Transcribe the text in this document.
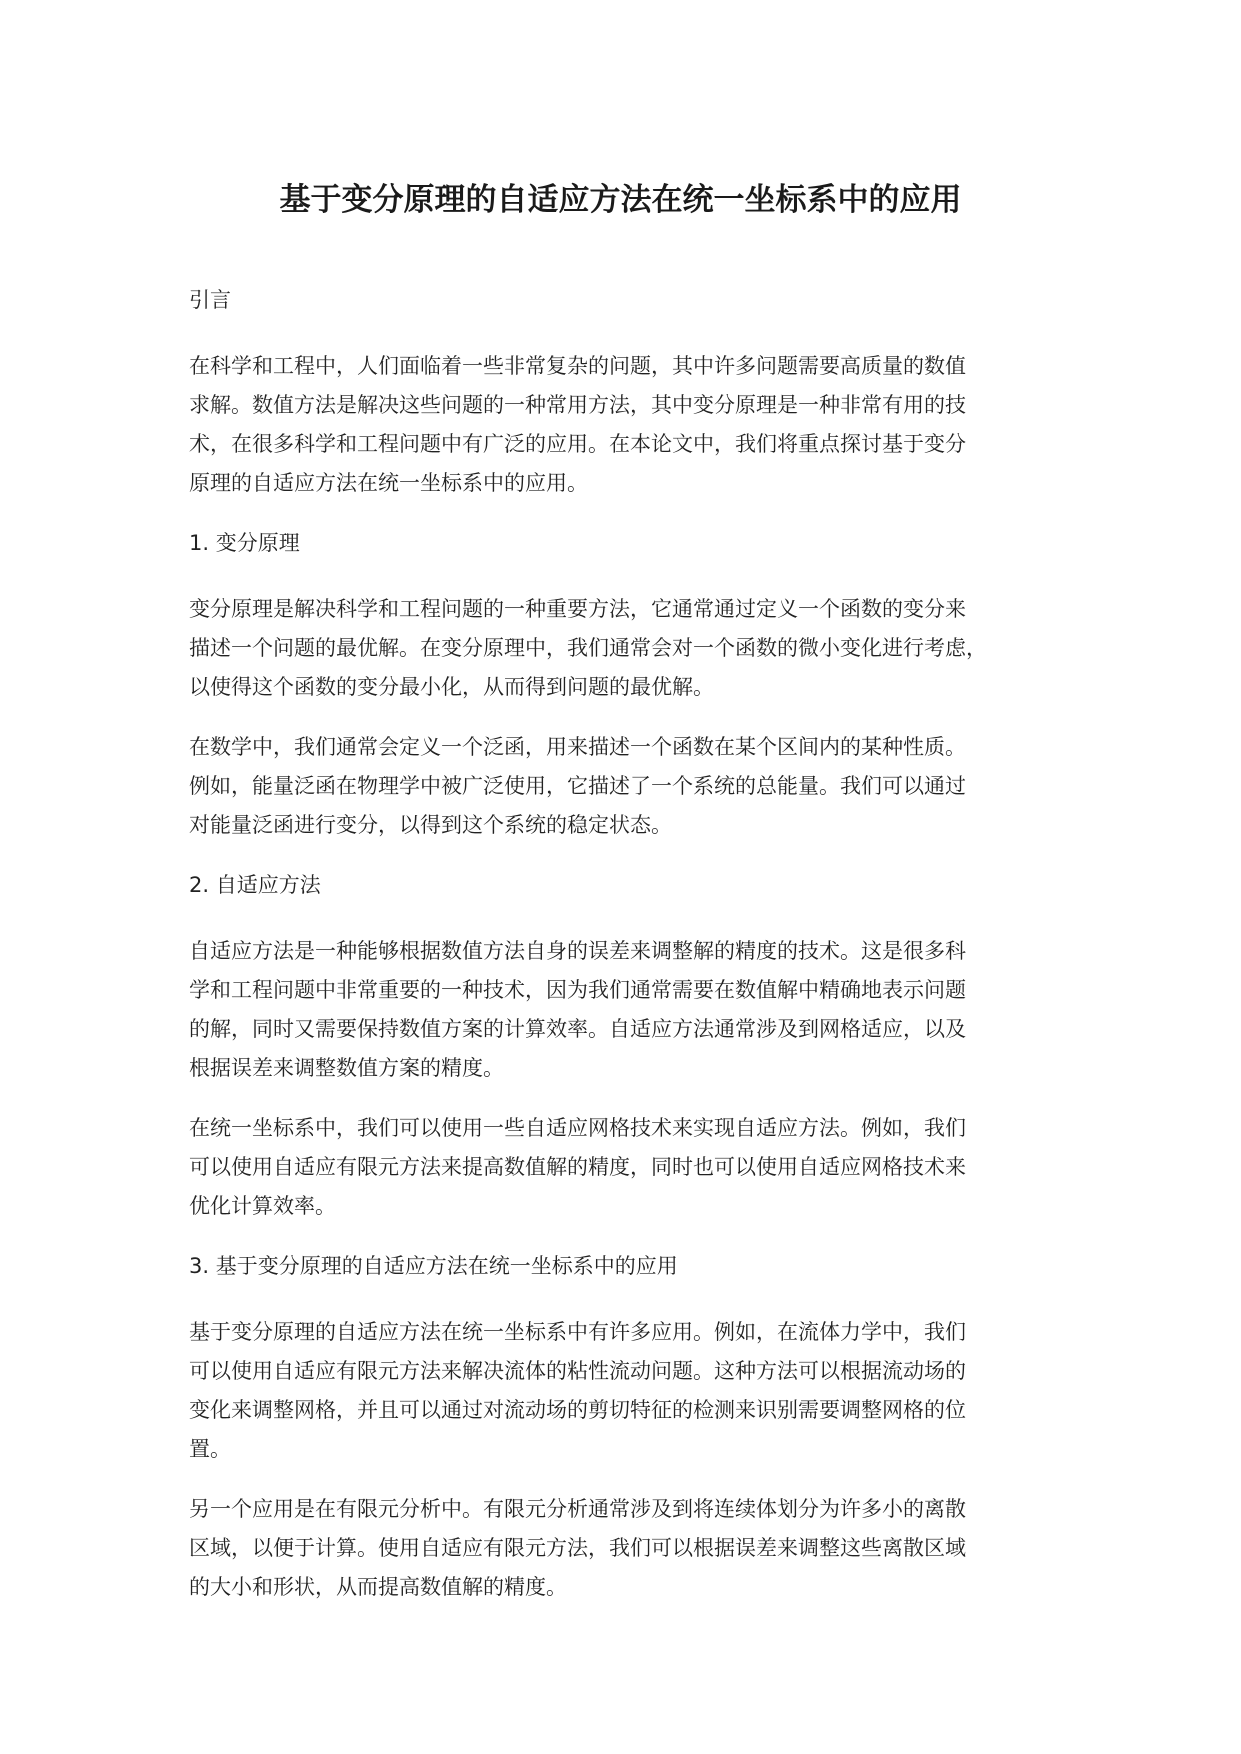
基于变分原理的自适应方法在统一坐标系中的应用
引言

在科学和工程中，人们面临着一些非常复杂的问题，其中许多问题需要高质量的数值
求解。数值方法是解决这些问题的一种常用方法，其中变分原理是一种非常有用的技
术，在很多科学和工程问题中有广泛的应用。在本论文中，我们将重点探讨基于变分
原理的自适应方法在统一坐标系中的应用。

1. 变分原理

变分原理是解决科学和工程问题的一种重要方法，它通常通过定义一个函数的变分来
描述一个问题的最优解。在变分原理中，我们通常会对一个函数的微小变化进行考虑，
以使得这个函数的变分最小化，从而得到问题的最优解。

在数学中，我们通常会定义一个泛函，用来描述一个函数在某个区间内的某种性质。
例如，能量泛函在物理学中被广泛使用，它描述了一个系统的总能量。我们可以通过
对能量泛函进行变分，以得到这个系统的稳定状态。

2. 自适应方法

自适应方法是一种能够根据数值方法自身的误差来调整解的精度的技术。这是很多科
学和工程问题中非常重要的一种技术，因为我们通常需要在数值解中精确地表示问题
的解，同时又需要保持数值方案的计算效率。自适应方法通常涉及到网格适应，以及
根据误差来调整数值方案的精度。

在统一坐标系中，我们可以使用一些自适应网格技术来实现自适应方法。例如，我们
可以使用自适应有限元方法来提高数值解的精度，同时也可以使用自适应网格技术来
优化计算效率。

3. 基于变分原理的自适应方法在统一坐标系中的应用

基于变分原理的自适应方法在统一坐标系中有许多应用。例如，在流体力学中，我们
可以使用自适应有限元方法来解决流体的粘性流动问题。这种方法可以根据流动场的
变化来调整网格，并且可以通过对流动场的剪切特征的检测来识别需要调整网格的位
置。

另一个应用是在有限元分析中。有限元分析通常涉及到将连续体划分为许多小的离散
区域，以便于计算。使用自适应有限元方法，我们可以根据误差来调整这些离散区域
的大小和形状，从而提高数值解的精度。
